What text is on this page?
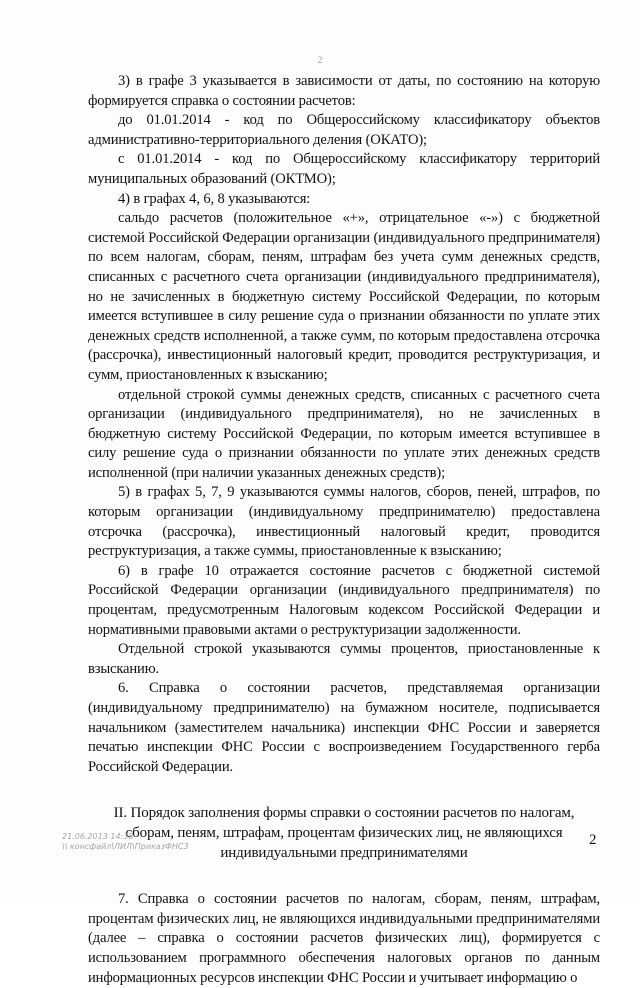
2

3) в графе 3 указывается в зависимости от даты, по состоянию на которую формируется справка о состоянии расчетов:

до 01.01.2014 - код по Общероссийскому классификатору объектов административно-территориального деления (ОКАТО);

с 01.01.2014 - код по Общероссийскому классификатору территорий муниципальных образований (ОКТМО);

4) в графах 4, 6, 8 указываются:

сальдо расчетов (положительное «+», отрицательное «-») с бюджетной системой Российской Федерации организации (индивидуального предпринимателя) по всем налогам, сборам, пеням, штрафам без учета сумм денежных средств, списанных с расчетного счета организации (индивидуального предпринимателя), но не зачисленных в бюджетную систему Российской Федерации, по которым имеется вступившее в силу решение суда о признании обязанности по уплате этих денежных средств исполненной, а также сумм, по которым предоставлена отсрочка (рассрочка), инвестиционный налоговый кредит, проводится реструктуризация, и сумм, приостановленных к взысканию;

отдельной строкой суммы денежных средств, списанных с расчетного счета организации (индивидуального предпринимателя), но не зачисленных в бюджетную систему Российской Федерации, по которым имеется вступившее в силу решение суда о признании обязанности по уплате этих денежных средств исполненной (при наличии указанных денежных средств);

5) в графах 5, 7, 9 указываются суммы налогов, сборов, пеней, штрафов, по которым организации (индивидуальному предпринимателю) предоставлена отсрочка (рассрочка), инвестиционный налоговый кредит, проводится реструктуризация, а также суммы, приостановленные к взысканию;

6) в графе 10 отражается состояние расчетов с бюджетной системой Российской Федерации организации (индивидуального предпринимателя) по процентам, предусмотренным Налоговым кодексом Российской Федерации и нормативными правовыми актами о реструктуризации задолженности.

Отдельной строкой указываются суммы процентов, приостановленные к взысканию.

6. Справка о состоянии расчетов, представляемая организации (индивидуальному предпринимателю) на бумажном носителе, подписывается начальником (заместителем начальника) инспекции ФНС России и заверяется печатью инспекции ФНС России с воспроизведением Государственного герба Российской Федерации.

II. Порядок заполнения формы справки о состоянии расчетов по налогам, сборам, пеням, штрафам, процентам физических лиц, не являющихся индивидуальными предпринимателями

7. Справка о состоянии расчетов по налогам, сборам, пеням, штрафам, процентам физических лиц, не являющихся индивидуальными предпринимателями (далее – справка о состоянии расчетов физических лиц), формируется с использованием программного обеспечения налоговых органов по данным информационных ресурсов инспекции ФНС России и учитывает информацию о

21.06.2013 14:38
\\ консфайл\ЛИЛ\ПриказФНС3	2
